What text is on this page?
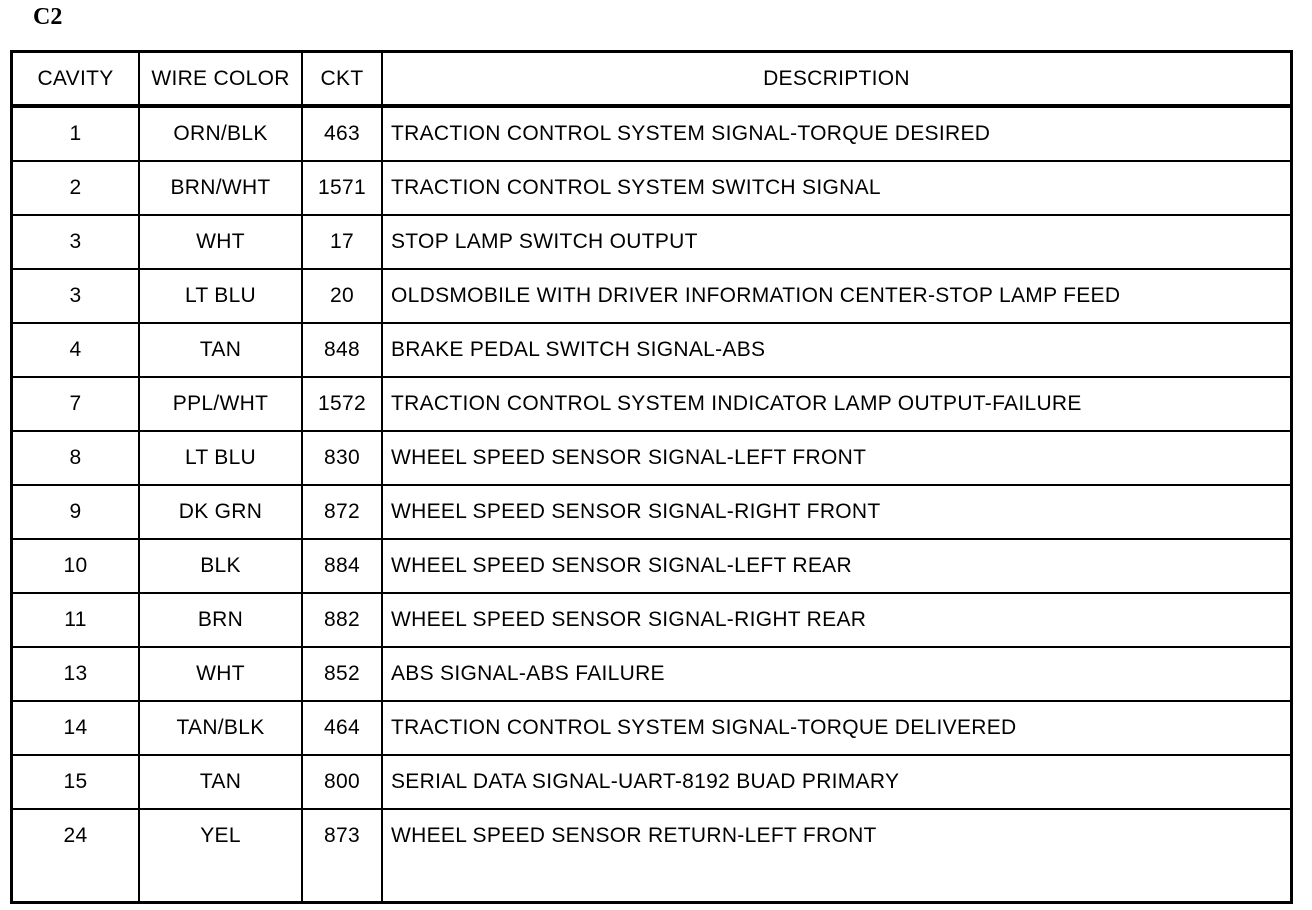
C2
CAVITY	WIRE COLOR	CKT	DESCRIPTION
1	ORN/BLK	463	TRACTION CONTROL SYSTEM SIGNAL-TORQUE DESIRED
2	BRN/WHT	1571	TRACTION CONTROL SYSTEM SWITCH SIGNAL
3	WHT	17	STOP LAMP SWITCH OUTPUT
3	LT BLU	20	OLDSMOBILE WITH DRIVER INFORMATION CENTER-STOP LAMP FEED
4	TAN	848	BRAKE PEDAL SWITCH SIGNAL-ABS
7	PPL/WHT	1572	TRACTION CONTROL SYSTEM INDICATOR LAMP OUTPUT-FAILURE
8	LT BLU	830	WHEEL SPEED SENSOR SIGNAL-LEFT FRONT
9	DK GRN	872	WHEEL SPEED SENSOR SIGNAL-RIGHT FRONT
10	BLK	884	WHEEL SPEED SENSOR SIGNAL-LEFT REAR
11	BRN	882	WHEEL SPEED SENSOR SIGNAL-RIGHT REAR
13	WHT	852	ABS SIGNAL-ABS FAILURE
14	TAN/BLK	464	TRACTION CONTROL SYSTEM SIGNAL-TORQUE DELIVERED
15	TAN	800	SERIAL DATA SIGNAL-UART-8192 BUAD PRIMARY
24	YEL	873	WHEEL SPEED SENSOR RETURN-LEFT FRONT
